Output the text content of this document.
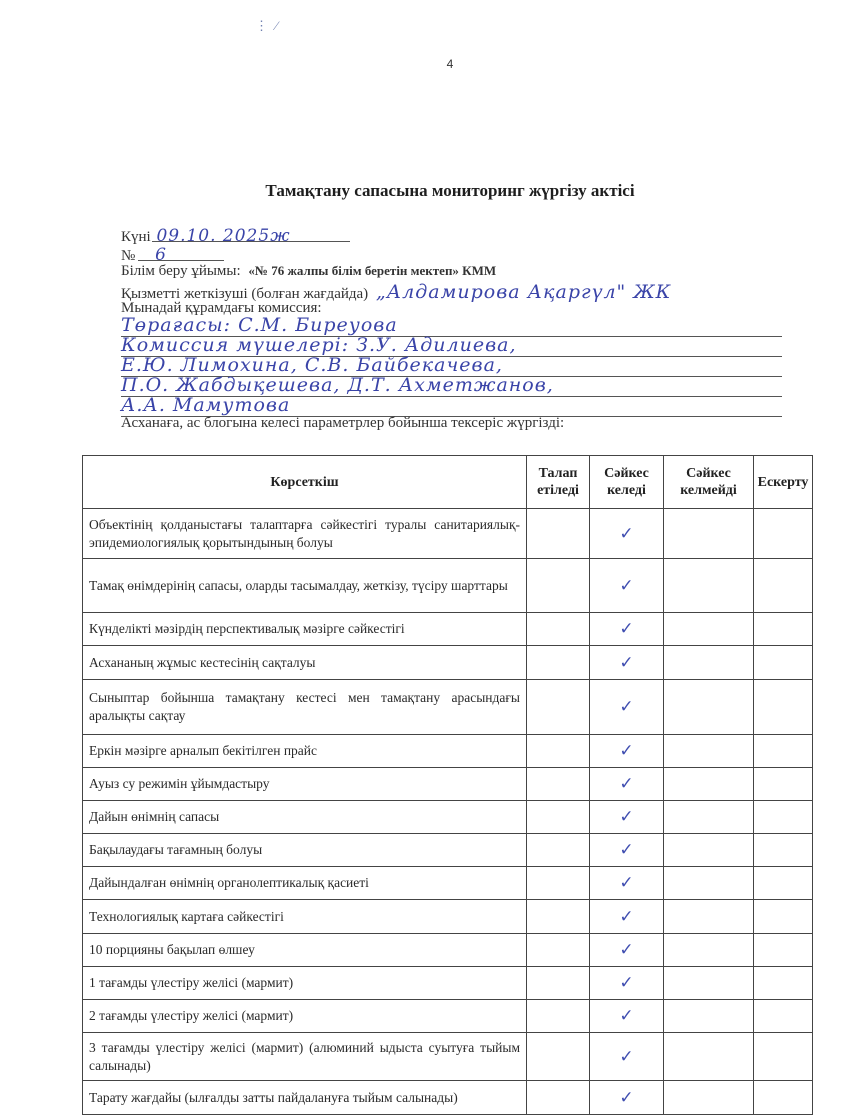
⋮ ⁄
4
Тамақтану сапасына мониторинг жүргізу актісі
Күні 09.10. 2025ж
№ 6
Білім беру ұйымы: «№ 76 жалпы білім беретін мектеп» КММ
Қызметті жеткізуші (болған жағдайда) „Алдамирова Ақаргүл" ЖК
Мынадай құрамдағы комиссия:
Төрағасы: С.М. Биреуова
Комиссия мүшелері: З.У. Адилиева,
Е.Ю. Лимохина, С.В. Байбекачева,
П.О. Жабдықешева, Д.Т. Ахметжанов,
А.А. Мамутова
Асханаға, ас блогына келесі параметрлер бойынша тексеріс жүргізді:
Көрсеткіш	Талап етіледі	Сәйкес келеді	Сәйкес келмейді	Ескерту
Объектінің қолданыстағы талаптарға сәйкестігі туралы санитариялық-эпидемиологиялық қорытындының болуы		✓		
Тамақ өнімдерінің сапасы, оларды тасымалдау, жеткізу, түсіру шарттары		✓		
Күнделікті мәзірдің перспективалық мәзірге сәйкестігі		✓		
Асхананың жұмыс кестесінің сақталуы		✓		
Сыныптар бойынша тамақтану кестесі мен тамақтану арасындағы аралықты сақтау		✓		
Еркін мәзірге арналып бекітілген прайс		✓		
Ауыз су режимін ұйымдастыру		✓		
Дайын өнімнің сапасы		✓		
Бақылаудағы тағамның болуы		✓		
Дайындалған өнімнің органолептикалық қасиеті		✓		
Технологиялық картаға сәйкестігі		✓		
10 порцияны бақылап өлшеу		✓		
1 тағамды үлестіру желісі (мармит)		✓		
2 тағамды үлестіру желісі (мармит)		✓		
3 тағамды үлестіру желісі (мармит) (алюминий ыдыста суытуға тыйым салынады)		✓		
Тарату жағдайы (ылғалды затты пайдалануға тыйым салынады)		✓		
